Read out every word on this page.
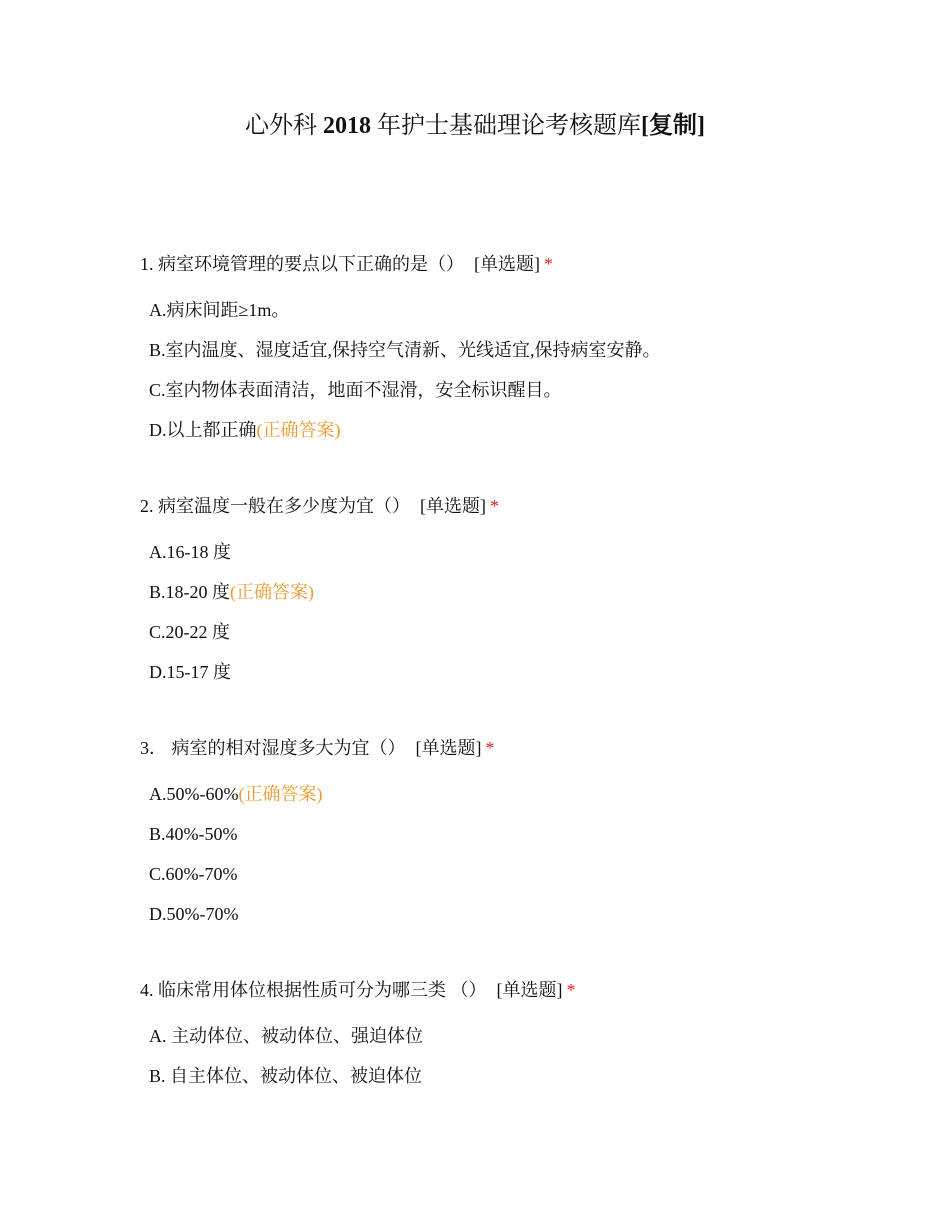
心外科 2018 年护士基础理论考核题库[复制]
1. 病室环境管理的要点以下正确的是（） [单选题] *
A.病床间距≥1m。
B.室内温度、湿度适宜,保持空气清新、光线适宜,保持病室安静。
C.室内物体表面清洁，地面不湿滑，安全标识醒目。
D.以上都正确(正确答案)
2. 病室温度一般在多少度为宜（） [单选题] *
A.16-18 度
B.18-20 度(正确答案)
C.20-22 度
D.15-17 度
3． 病室的相对湿度多大为宜（） [单选题] *
A.50%-60%(正确答案)
B.40%-50%
C.60%-70%
D.50%-70%
4. 临床常用体位根据性质可分为哪三类 （） [单选题] *
A. 主动体位、被动体位、强迫体位
B. 自主体位、被动体位、被迫体位
